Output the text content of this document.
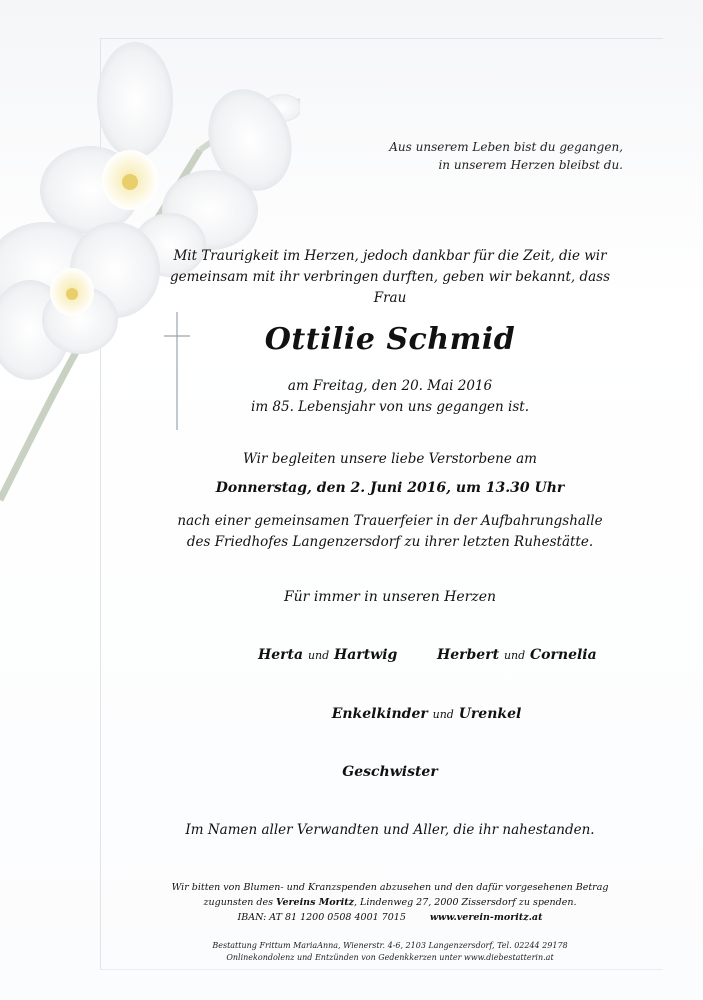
Aus unserem Leben bist du gegangen,
in unserem Herzen bleibst du.
Mit Traurigkeit im Herzen, jedoch dankbar für die Zeit, die wir
gemeinsam mit ihr verbringen durften, geben wir bekannt, dass
Frau
Ottilie Schmid
am Freitag, den 20. Mai 2016
im 85. Lebensjahr von uns gegangen ist.
Wir begleiten unsere liebe Verstorbene am
Donnerstag, den 2. Juni 2016, um 13.30 Uhr
nach einer gemeinsamen Trauerfeier in der Aufbahrungshalle
des Friedhofes Langenzersdorf zu ihrer letzten Ruhestätte.
Für immer in unseren Herzen
Herta und Hartwig	Herbert und Cornelia
Enkelkinder und Urenkel
Geschwister
Im Namen aller Verwandten und Aller, die ihr nahestanden.
Wir bitten von Blumen- und Kranzspenden abzusehen und den dafür vorgesehenen Betrag
zugunsten des Vereins Moritz, Lindenweg 27, 2000 Zissersdorf zu spenden.
IBAN: AT 81 1200 0508 4001 7015	www.verein-moritz.at
Bestattung Frittum MariaAnna, Wienerstr. 4-6, 2103 Langenzersdorf, Tel. 02244 29178
Onlinekondolenz und Entzünden von Gedenkkerzen unter www.diebestatterin.at
